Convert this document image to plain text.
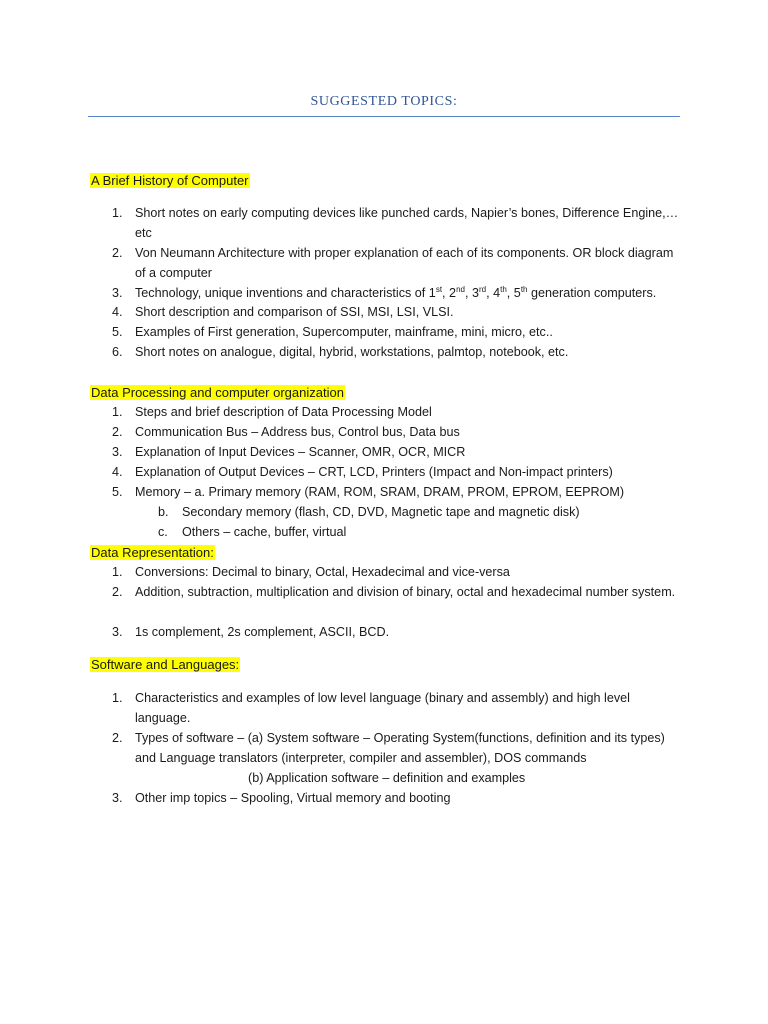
SUGGESTED TOPICS:
A Brief History of Computer
1. Short notes on early computing devices like punched cards, Napier’s bones, Difference Engine,…etc
2. Von Neumann Architecture with proper explanation of each of its components. OR block diagram of a computer
3. Technology, unique inventions and characteristics of 1st, 2nd, 3rd, 4th, 5th generation computers.
4. Short description and comparison of SSI, MSI, LSI, VLSI.
5. Examples of First generation, Supercomputer, mainframe, mini, micro, etc..
6. Short notes on analogue, digital, hybrid, workstations, palmtop, notebook, etc.
Data Processing and computer organization
1. Steps and brief description of Data Processing Model
2. Communication Bus – Address bus, Control bus, Data bus
3. Explanation of Input Devices – Scanner, OMR, OCR, MICR
4. Explanation of Output Devices – CRT, LCD, Printers (Impact and Non-impact printers)
5. Memory – a. Primary memory (RAM, ROM, SRAM, DRAM, PROM, EPROM, EEPROM)
b. Secondary memory (flash, CD, DVD, Magnetic tape and magnetic disk)
c. Others – cache, buffer, virtual
Data Representation:
1. Conversions: Decimal to binary, Octal, Hexadecimal and vice-versa
2. Addition, subtraction, multiplication and division of binary, octal and hexadecimal number system.
3. 1s complement, 2s complement, ASCII, BCD.
Software and Languages:
1. Characteristics and examples of low level language (binary and assembly) and high level language.
2. Types of software – (a) System software – Operating System(functions, definition and its types) and Language translators (interpreter, compiler and assembler), DOS commands
(b) Application software – definition and examples
3. Other imp topics – Spooling, Virtual memory and booting
